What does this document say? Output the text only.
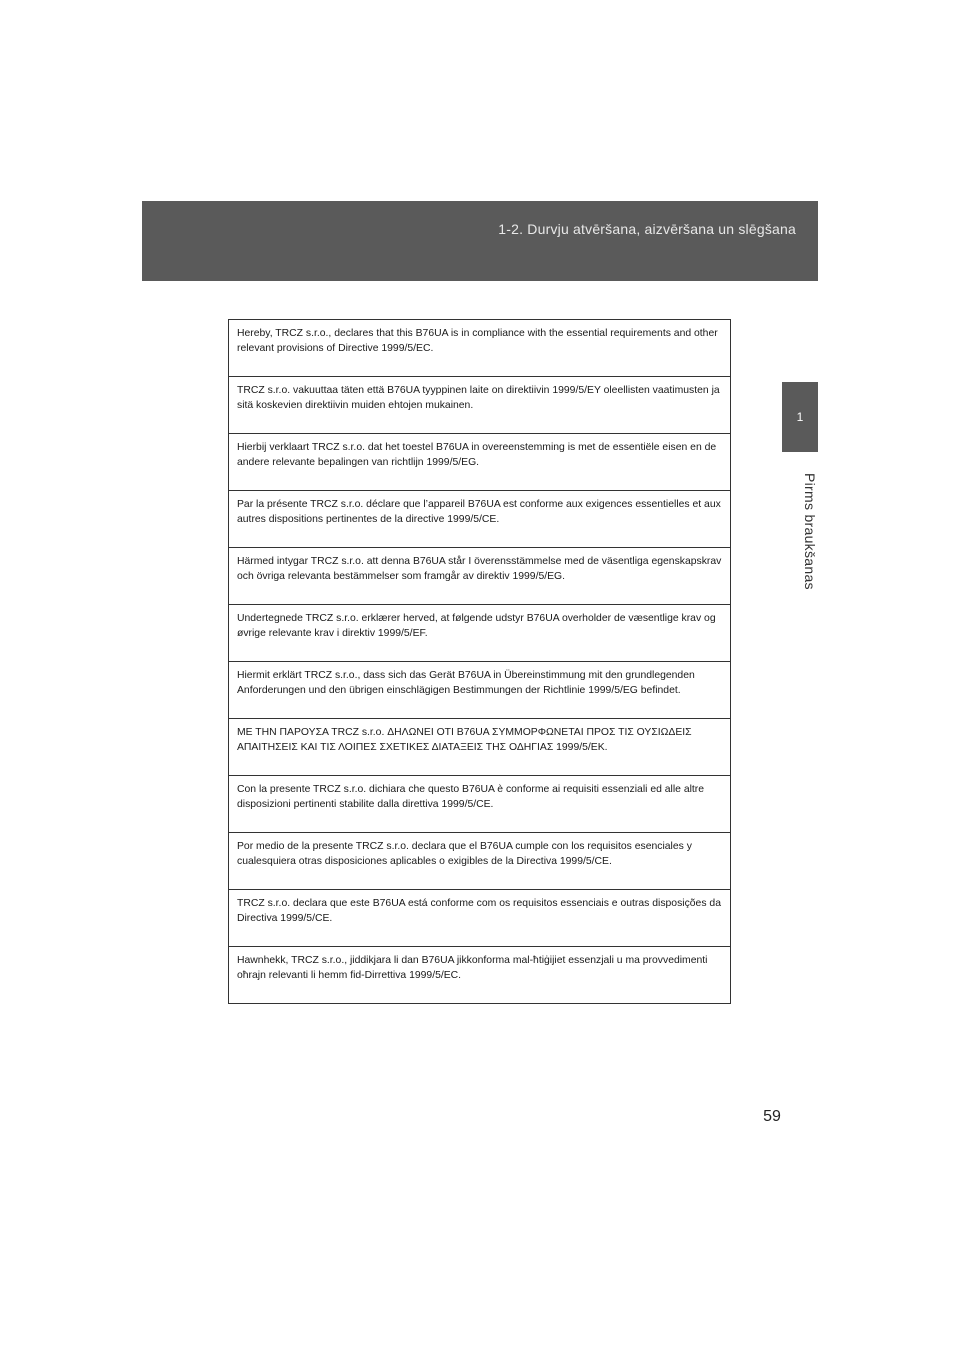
1-2. Durvju atvēršana, aizvēršana un slēgšana
1
Pirms braukšanas
Hereby, TRCZ s.r.o., declares that this B76UA is in compliance with the essential requirements and other relevant provisions of Directive 1999/5/EC.
TRCZ s.r.o. vakuuttaa täten että B76UA tyyppinen laite on direktiivin 1999/5/EY oleellisten vaatimusten ja sitä koskevien direktiivin muiden ehtojen mukainen.
Hierbij verklaart TRCZ s.r.o. dat het toestel B76UA in overeenstemming is met de essentiële eisen en de andere relevante bepalingen van richtlijn 1999/5/EG.
Par la présente TRCZ s.r.o. déclare que l’appareil B76UA est conforme aux exigences essentielles et aux autres dispositions pertinentes de la directive 1999/5/CE.
Härmed intygar TRCZ s.r.o. att denna B76UA står I överensstämmelse med de väsentliga egenskapskrav och övriga relevanta bestämmelser som framgår av direktiv 1999/5/EG.
Undertegnede TRCZ s.r.o. erklærer herved, at følgende udstyr B76UA overholder de væsentlige krav og øvrige relevante krav i direktiv 1999/5/EF.
Hiermit erklärt TRCZ s.r.o., dass sich das Gerät B76UA in Übereinstimmung mit den grundlegenden Anforderungen und den übrigen einschlägigen Bestimmungen der Richtlinie 1999/5/EG befindet.
ΜΕ ΤΗΝ ΠΑΡΟΥΣΑ TRCZ s.r.o. ΔΗΛΩΝΕΙ ΟΤΙ B76UA ΣΥΜΜΟΡΦΩΝΕΤΑΙ ΠΡΟΣ ΤΙΣ ΟΥΣΙΩΔΕΙΣ ΑΠΑΙΤΗΣΕΙΣ ΚΑΙ ΤΙΣ ΛΟΙΠΕΣ ΣΧΕΤΙΚΕΣ ΔΙΑΤΑΞΕΙΣ ΤΗΣ ΟΔΗΓΙΑΣ 1999/5/ΕΚ.
Con la presente TRCZ s.r.o. dichiara che questo B76UA è conforme ai requisiti essenziali ed alle altre disposizioni pertinenti stabilite dalla direttiva 1999/5/CE.
Por medio de la presente TRCZ s.r.o. declara que el B76UA cumple con los requisitos esenciales y cualesquiera otras disposiciones aplicables o exigibles de la Directiva 1999/5/CE.
TRCZ s.r.o. declara que este B76UA está conforme com os requisitos essenciais e outras disposições da Directiva 1999/5/CE.
Hawnhekk, TRCZ s.r.o., jiddikjara li dan B76UA jikkonforma mal-ħtiġijiet essenzjali u ma provvedimenti oħrajn relevanti li hemm fid-Dirrettiva 1999/5/EC.
59
